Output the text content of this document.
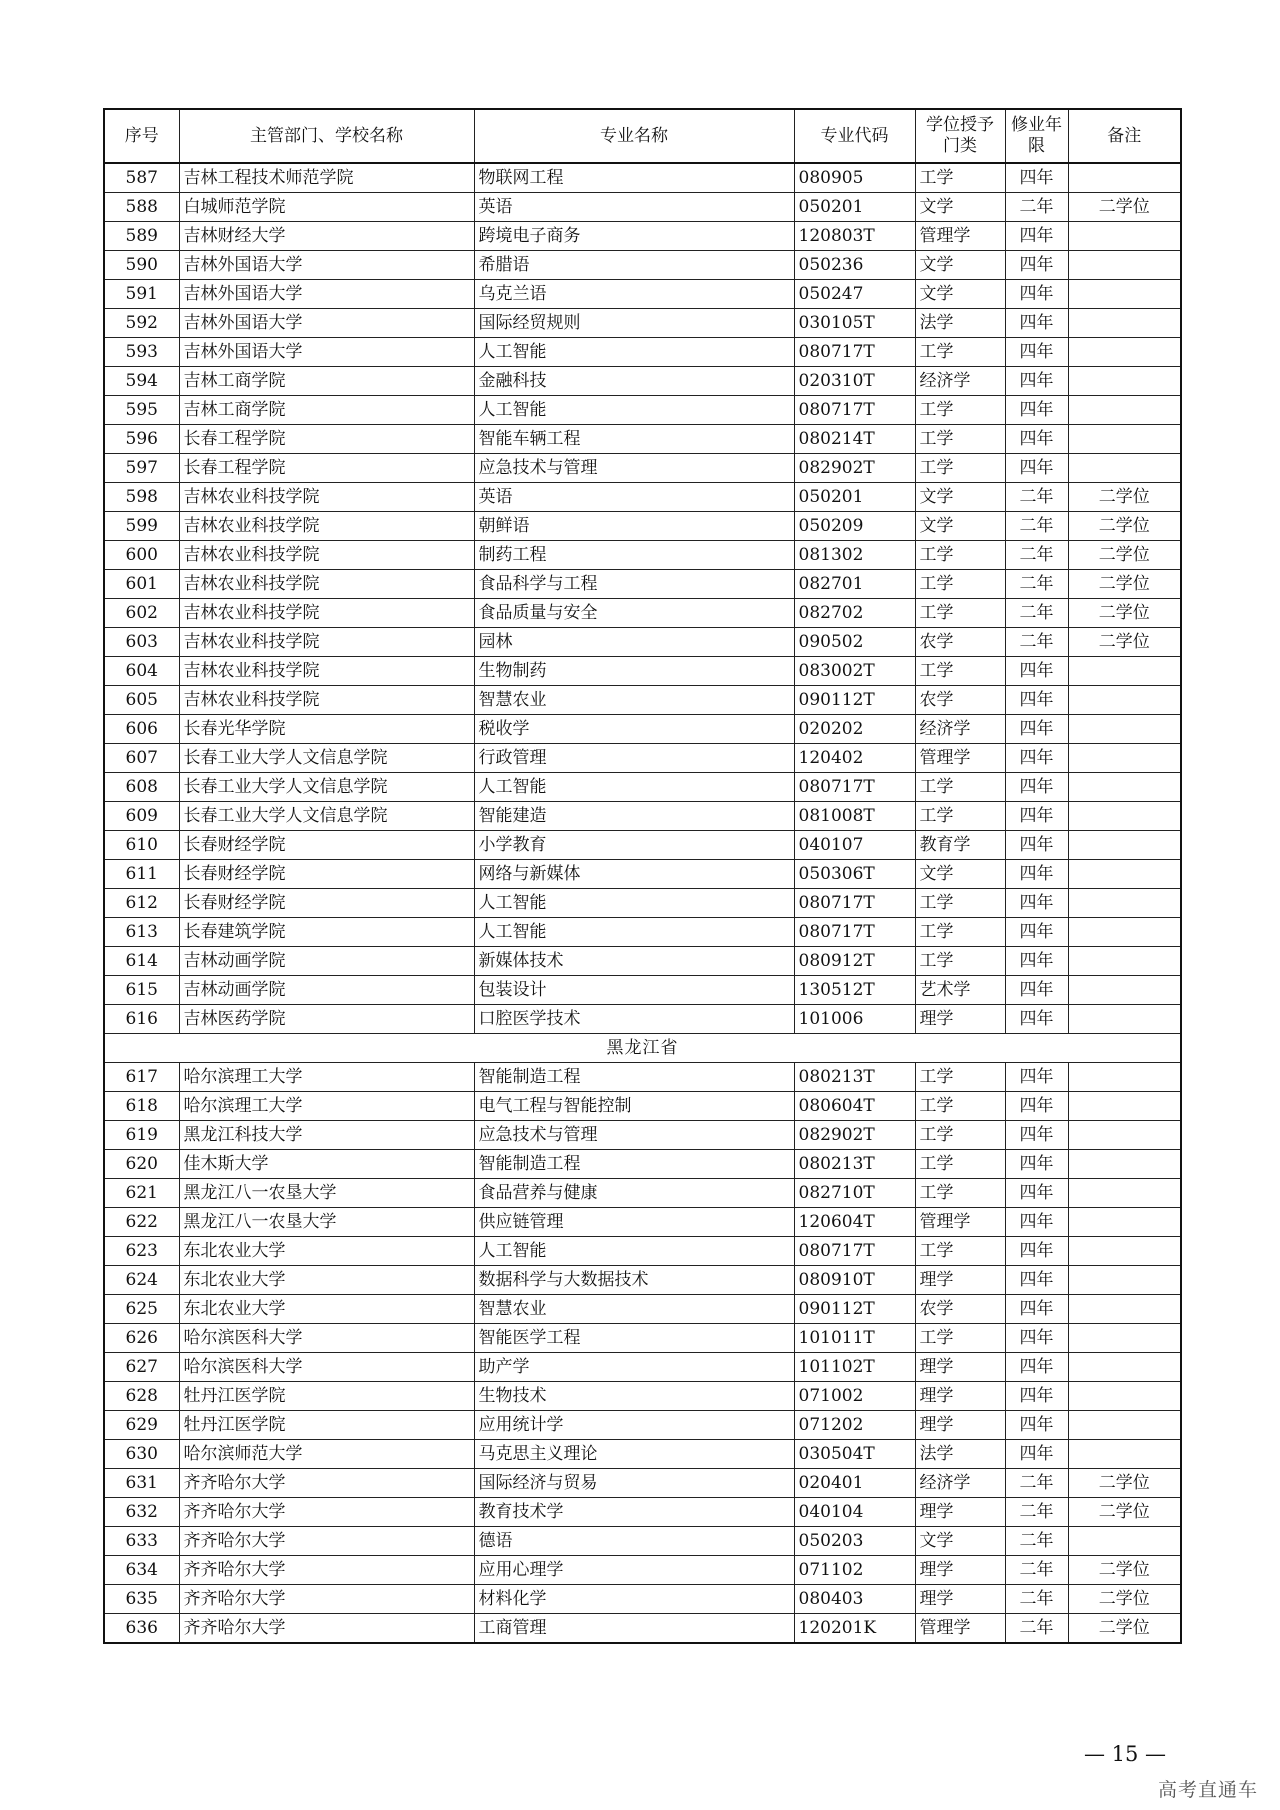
序号	主管部门、学校名称	专业名称	专业代码	学位授予门类	修业年限	备注
587	吉林工程技术师范学院	物联网工程	080905	工学	四年	
588	白城师范学院	英语	050201	文学	二年	二学位
589	吉林财经大学	跨境电子商务	120803T	管理学	四年	
590	吉林外国语大学	希腊语	050236	文学	四年	
591	吉林外国语大学	乌克兰语	050247	文学	四年	
592	吉林外国语大学	国际经贸规则	030105T	法学	四年	
593	吉林外国语大学	人工智能	080717T	工学	四年	
594	吉林工商学院	金融科技	020310T	经济学	四年	
595	吉林工商学院	人工智能	080717T	工学	四年	
596	长春工程学院	智能车辆工程	080214T	工学	四年	
597	长春工程学院	应急技术与管理	082902T	工学	四年	
598	吉林农业科技学院	英语	050201	文学	二年	二学位
599	吉林农业科技学院	朝鲜语	050209	文学	二年	二学位
600	吉林农业科技学院	制药工程	081302	工学	二年	二学位
601	吉林农业科技学院	食品科学与工程	082701	工学	二年	二学位
602	吉林农业科技学院	食品质量与安全	082702	工学	二年	二学位
603	吉林农业科技学院	园林	090502	农学	二年	二学位
604	吉林农业科技学院	生物制药	083002T	工学	四年	
605	吉林农业科技学院	智慧农业	090112T	农学	四年	
606	长春光华学院	税收学	020202	经济学	四年	
607	长春工业大学人文信息学院	行政管理	120402	管理学	四年	
608	长春工业大学人文信息学院	人工智能	080717T	工学	四年	
609	长春工业大学人文信息学院	智能建造	081008T	工学	四年	
610	长春财经学院	小学教育	040107	教育学	四年	
611	长春财经学院	网络与新媒体	050306T	文学	四年	
612	长春财经学院	人工智能	080717T	工学	四年	
613	长春建筑学院	人工智能	080717T	工学	四年	
614	吉林动画学院	新媒体技术	080912T	工学	四年	
615	吉林动画学院	包装设计	130512T	艺术学	四年	
616	吉林医药学院	口腔医学技术	101006	理学	四年	
黑龙江省						
617	哈尔滨理工大学	智能制造工程	080213T	工学	四年	
618	哈尔滨理工大学	电气工程与智能控制	080604T	工学	四年	
619	黑龙江科技大学	应急技术与管理	082902T	工学	四年	
620	佳木斯大学	智能制造工程	080213T	工学	四年	
621	黑龙江八一农垦大学	食品营养与健康	082710T	工学	四年	
622	黑龙江八一农垦大学	供应链管理	120604T	管理学	四年	
623	东北农业大学	人工智能	080717T	工学	四年	
624	东北农业大学	数据科学与大数据技术	080910T	理学	四年	
625	东北农业大学	智慧农业	090112T	农学	四年	
626	哈尔滨医科大学	智能医学工程	101011T	工学	四年	
627	哈尔滨医科大学	助产学	101102T	理学	四年	
628	牡丹江医学院	生物技术	071002	理学	四年	
629	牡丹江医学院	应用统计学	071202	理学	四年	
630	哈尔滨师范大学	马克思主义理论	030504T	法学	四年	
631	齐齐哈尔大学	国际经济与贸易	020401	经济学	二年	二学位
632	齐齐哈尔大学	教育技术学	040104	理学	二年	二学位
633	齐齐哈尔大学	德语	050203	文学	二年	
634	齐齐哈尔大学	应用心理学	071102	理学	二年	二学位
635	齐齐哈尔大学	材料化学	080403	理学	二年	二学位
636	齐齐哈尔大学	工商管理	120201K	管理学	二年	二学位
— 15 —
高考直通车
